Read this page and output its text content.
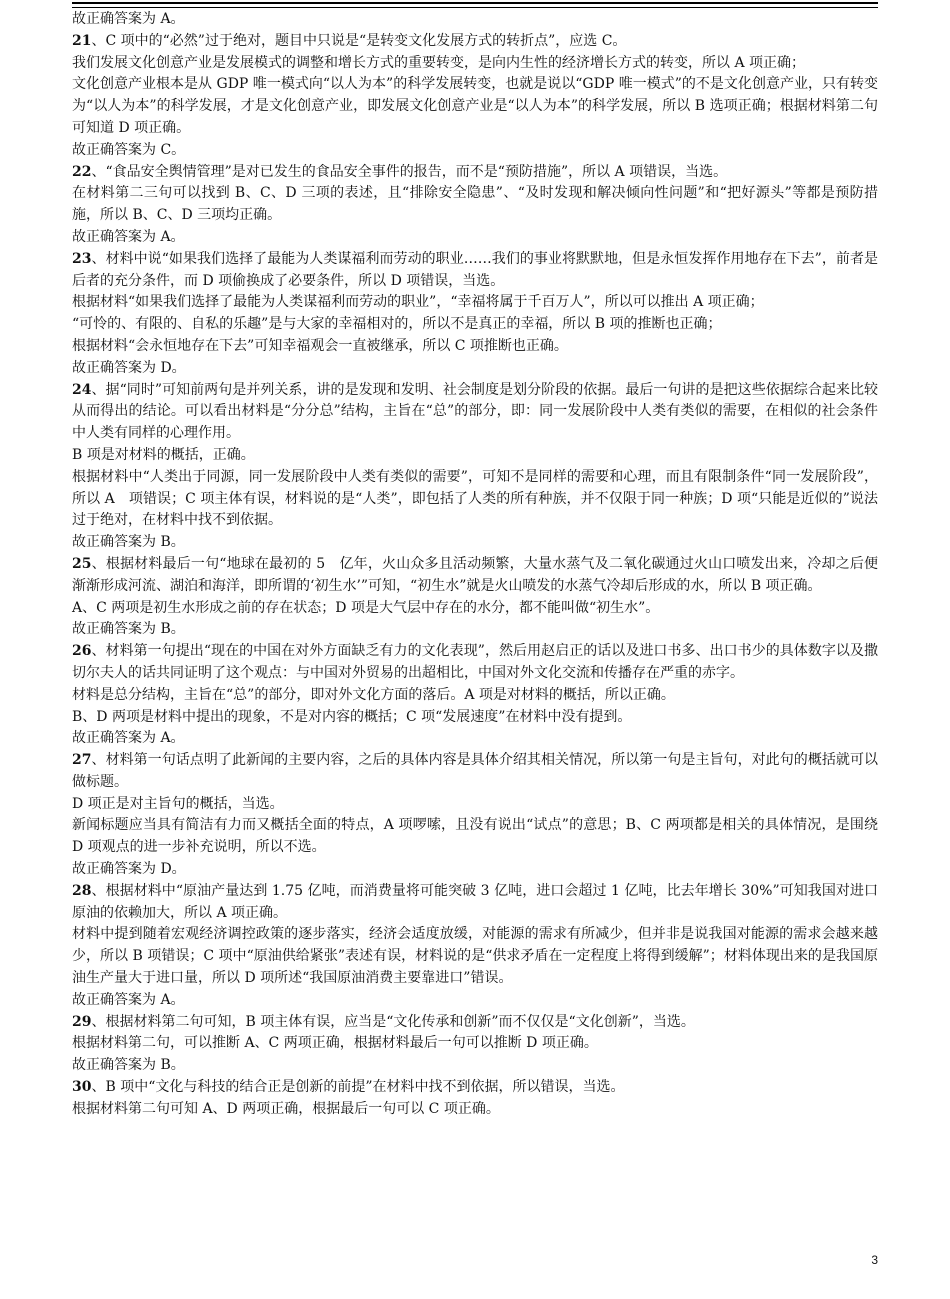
故正确答案为 A。

21、C 项中的“必然”过于绝对，题目中只说是“是转变文化发展方式的转折点”，应选 C。

我们发展文化创意产业是发展模式的调整和增长方式的重要转变，是向内生性的经济增长方式的转变，所以 A 项正确；

文化创意产业根本是从 GDP 唯一模式向“以人为本”的科学发展转变，也就是说以“GDP 唯一模式”的不是文化创意产业，只有转变为“以人为本”的科学发展，才是文化创意产业，即发展文化创意产业是“以人为本”的科学发展，所以 B 选项正确；根据材料第二句可知道 D 项正确。

故正确答案为 C。

22、“食品安全舆情管理”是对已发生的食品安全事件的报告，而不是“预防措施”，所以 A 项错误，当选。

在材料第二三句可以找到 B、C、D 三项的表述，且“排除安全隐患”、“及时发现和解决倾向性问题”和“把好源头”等都是预防措施，所以 B、C、D 三项均正确。

故正确答案为 A。

23、材料中说“如果我们选择了最能为人类谋福利而劳动的职业……我们的事业将默默地，但是永恒发挥作用地存在下去”，前者是后者的充分条件，而 D 项偷换成了必要条件，所以 D 项错误，当选。

根据材料“如果我们选择了最能为人类谋福利而劳动的职业”，“幸福将属于千百万人”，所以可以推出 A 项正确；

“可怜的、有限的、自私的乐趣”是与大家的幸福相对的，所以不是真正的幸福，所以 B 项的推断也正确；

根据材料“会永恒地存在下去”可知幸福观会一直被继承，所以 C 项推断也正确。

故正确答案为 D。

24、据“同时”可知前两句是并列关系，讲的是发现和发明、社会制度是划分阶段的依据。最后一句讲的是把这些依据综合起来比较从而得出的结论。可以看出材料是“分分总”结构，主旨在“总”的部分，即：同一发展阶段中人类有类似的需要，在相似的社会条件中人类有同样的心理作用。

B 项是对材料的概括，正确。

根据材料中“人类出于同源，同一发展阶段中人类有类似的需要”，可知不是同样的需要和心理，而且有限制条件“同一发展阶段”，所以 A　项错误；C 项主体有误，材料说的是“人类”，即包括了人类的所有种族，并不仅限于同一种族；D 项“只能是近似的”说法过于绝对，在材料中找不到依据。

故正确答案为 B。

25、根据材料最后一句“地球在最初的 5　亿年，火山众多且活动频繁，大量水蒸气及二氧化碳通过火山口喷发出来，冷却之后便渐渐形成河流、湖泊和海洋，即所谓的‘初生水’”可知，“初生水”就是火山喷发的水蒸气冷却后形成的水，所以 B 项正确。

A、C 两项是初生水形成之前的存在状态；D 项是大气层中存在的水分，都不能叫做“初生水”。

故正确答案为 B。

26、材料第一句提出“现在的中国在对外方面缺乏有力的文化表现”，然后用赵启正的话以及进口书多、出口书少的具体数字以及撒切尔夫人的话共同证明了这个观点：与中国对外贸易的出超相比，中国对外文化交流和传播存在严重的赤字。

材料是总分结构，主旨在“总”的部分，即对外文化方面的落后。A 项是对材料的概括，所以正确。

B、D 两项是材料中提出的现象，不是对内容的概括；C 项“发展速度”在材料中没有提到。

故正确答案为 A。

27、材料第一句话点明了此新闻的主要内容，之后的具体内容是具体介绍其相关情况，所以第一句是主旨句，对此句的概括就可以做标题。

D 项正是对主旨句的概括，当选。

新闻标题应当具有简洁有力而又概括全面的特点，A 项啰嗦，且没有说出“试点”的意思；B、C 两项都是相关的具体情况，是围绕 D 项观点的进一步补充说明，所以不选。

故正确答案为 D。

28、根据材料中“原油产量达到 1.75 亿吨，而消费量将可能突破 3 亿吨，进口会超过 1 亿吨，比去年增长 30%”可知我国对进口原油的依赖加大，所以 A 项正确。

材料中提到随着宏观经济调控政策的逐步落实，经济会适度放缓，对能源的需求有所减少，但并非是说我国对能源的需求会越来越少，所以 B 项错误；C 项中“原油供给紧张”表述有误，材料说的是“供求矛盾在一定程度上将得到缓解”；材料体现出来的是我国原油生产量大于进口量，所以 D 项所述“我国原油消费主要靠进口”错误。

故正确答案为 A。

29、根据材料第二句可知，B 项主体有误，应当是“文化传承和创新”而不仅仅是“文化创新”，当选。

根据材料第二句，可以推断 A、C 两项正确，根据材料最后一句可以推断 D 项正确。

故正确答案为 B。

30、B 项中“文化与科技的结合正是创新的前提”在材料中找不到依据，所以错误，当选。

根据材料第二句可知 A、D 两项正确，根据最后一句可以 C 项正确。

3
